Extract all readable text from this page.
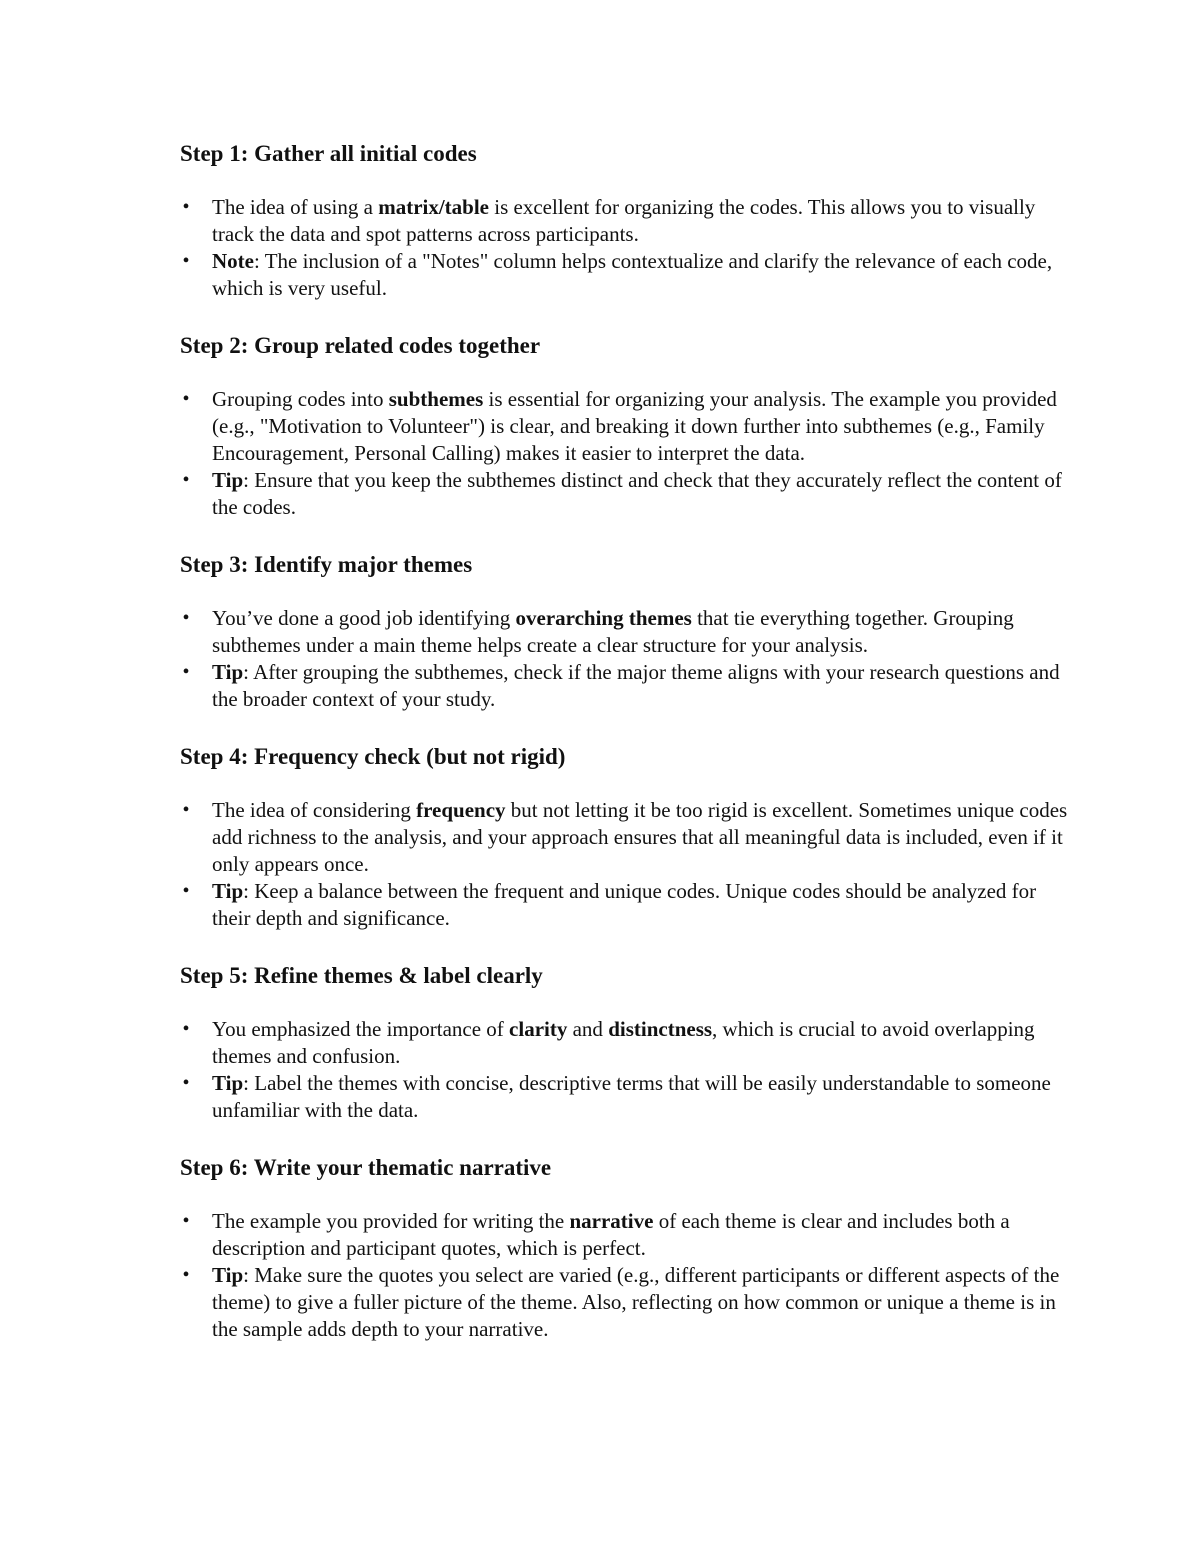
Step 1: Gather all initial codes
• The idea of using a matrix/table is excellent for organizing the codes. This allows you to visually track the data and spot patterns across participants.
• Note: The inclusion of a "Notes" column helps contextualize and clarify the relevance of each code, which is very useful.
Step 2: Group related codes together
• Grouping codes into subthemes is essential for organizing your analysis. The example you provided (e.g., "Motivation to Volunteer") is clear, and breaking it down further into subthemes (e.g., Family Encouragement, Personal Calling) makes it easier to interpret the data.
• Tip: Ensure that you keep the subthemes distinct and check that they accurately reflect the content of the codes.
Step 3: Identify major themes
• You’ve done a good job identifying overarching themes that tie everything together. Grouping subthemes under a main theme helps create a clear structure for your analysis.
• Tip: After grouping the subthemes, check if the major theme aligns with your research questions and the broader context of your study.
Step 4: Frequency check (but not rigid)
• The idea of considering frequency but not letting it be too rigid is excellent. Sometimes unique codes add richness to the analysis, and your approach ensures that all meaningful data is included, even if it only appears once.
• Tip: Keep a balance between the frequent and unique codes. Unique codes should be analyzed for their depth and significance.
Step 5: Refine themes & label clearly
• You emphasized the importance of clarity and distinctness, which is crucial to avoid overlapping themes and confusion.
• Tip: Label the themes with concise, descriptive terms that will be easily understandable to someone unfamiliar with the data.
Step 6: Write your thematic narrative
• The example you provided for writing the narrative of each theme is clear and includes both a description and participant quotes, which is perfect.
• Tip: Make sure the quotes you select are varied (e.g., different participants or different aspects of the theme) to give a fuller picture of the theme. Also, reflecting on how common or unique a theme is in the sample adds depth to your narrative.
